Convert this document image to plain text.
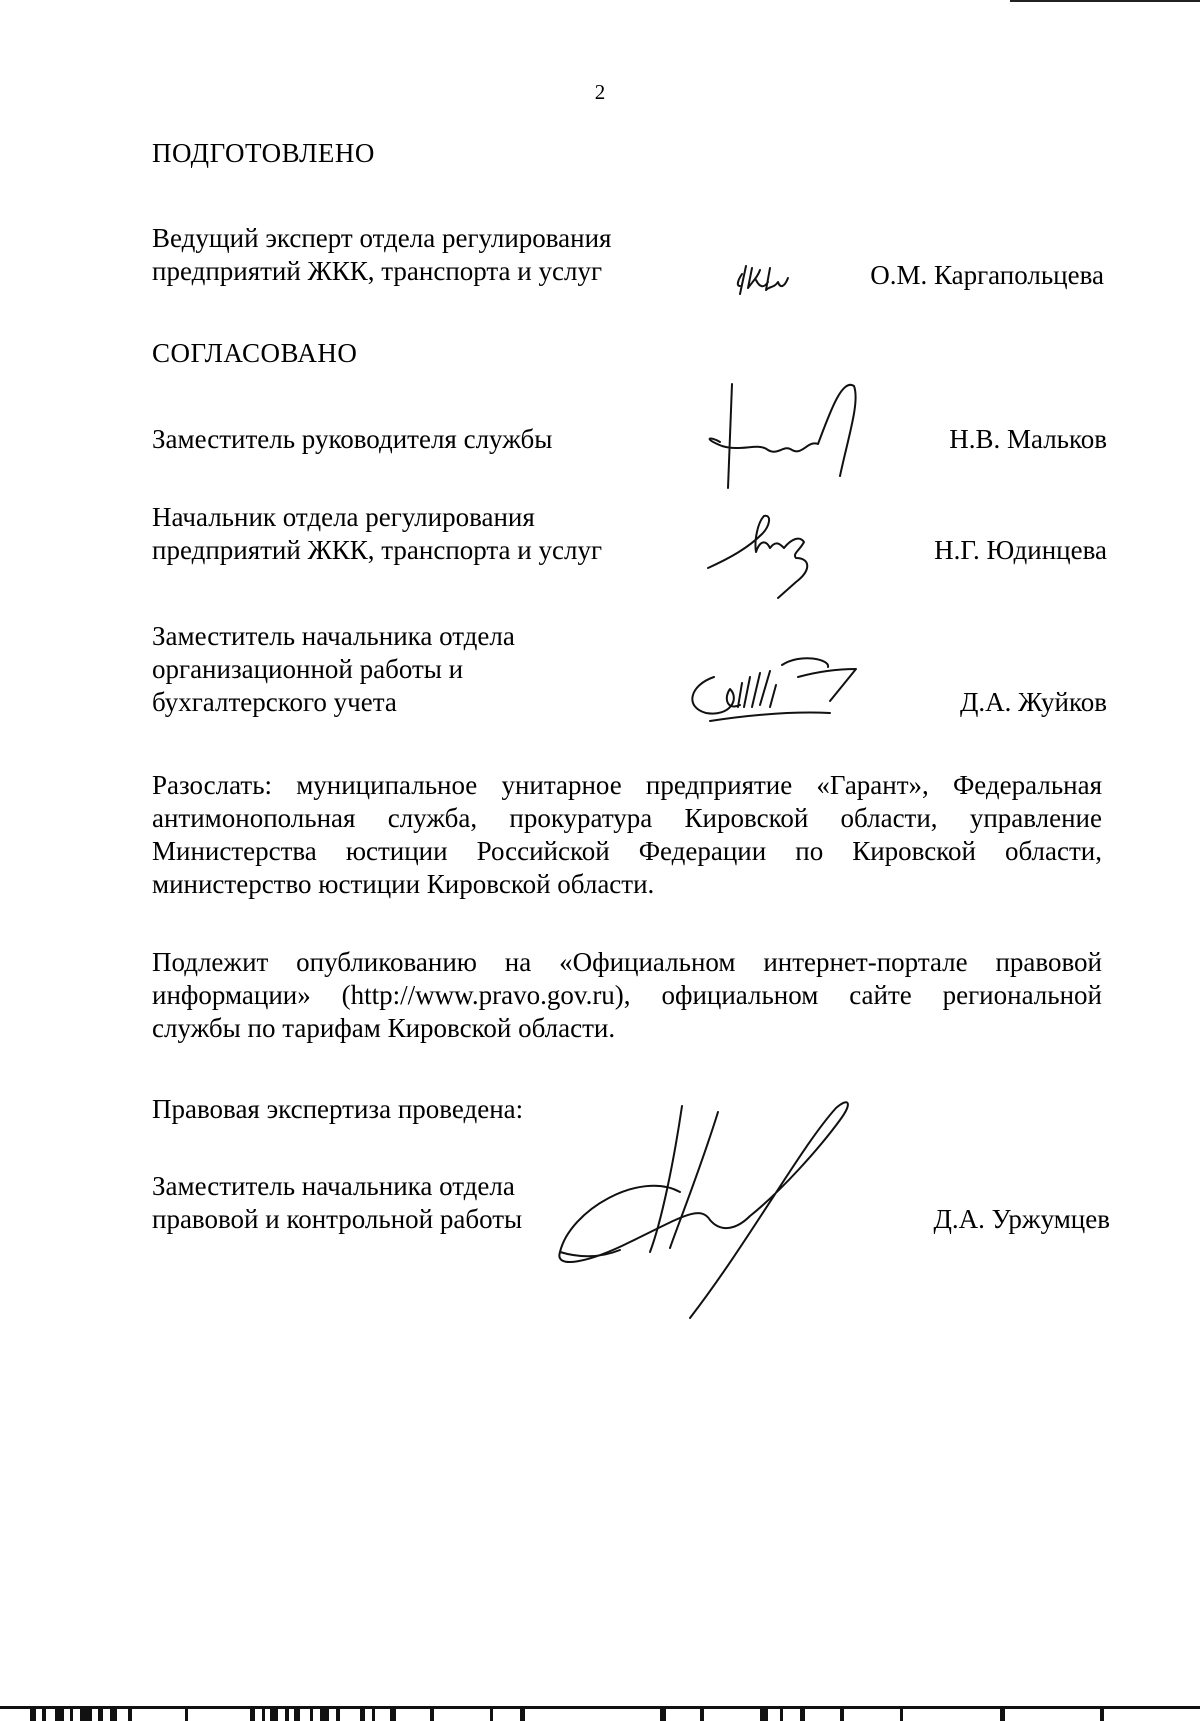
2
ПОДГОТОВЛЕНО
Ведущий эксперт отдела регулирования
предприятий ЖКК, транспорта и услуг	О.М. Каргапольцева
СОГЛАСОВАНО
Заместитель руководителя службы	Н.В. Мальков
Начальник отдела регулирования
предприятий ЖКК, транспорта и услуг	Н.Г. Юдинцева
Заместитель начальника отдела
организационной работы и
бухгалтерского учета	Д.А. Жуйков
Разослать: муниципальное унитарное предприятие «Гарант», Федеральная
антимонопольная служба, прокуратура Кировской области, управление
Министерства юстиции Российской Федерации по Кировской области,
министерство юстиции Кировской области.
Подлежит опубликованию на «Официальном интернет-портале правовой
информации» (http://www.pravo.gov.ru), официальном сайте региональной
службы по тарифам Кировской области.
Правовая экспертиза проведена:
Заместитель начальника отдела
правовой и контрольной работы	Д.А. Уржумцев
